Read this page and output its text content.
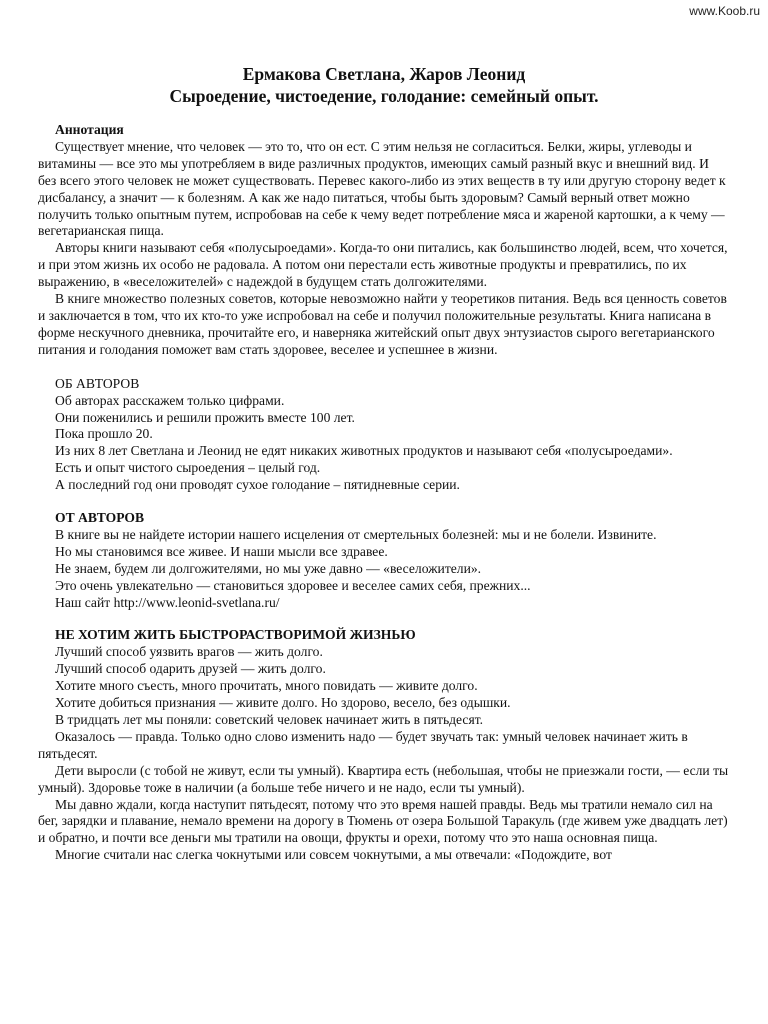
www.Koob.ru
Ермакова Светлана, Жаров Леонид
Сыроедение, чистоедение, голодание: семейный опыт.

Аннотация

Существует мнение, что человек — это то, что он ест. С этим нельзя не согласиться. Белки, жиры, углеводы и витамины — все это мы употребляем в виде различных продуктов, имеющих самый разный вкус и внешний вид. И без всего этого человек не может существовать. Перевес какого-либо из этих веществ в ту или другую сторону ведет к дисбалансу, а значит — к болезням. А как же надо питаться, чтобы быть здоровым? Самый верный ответ можно получить только опытным путем, испробовав на себе к чему ведет потребление мяса и жареной картошки, а к чему — вегетарианская пища.

Авторы книги называют себя «полусыроедами». Когда-то они питались, как большинство людей, всем, что хочется, и при этом жизнь их особо не радовала. А потом они перестали есть животные продукты и превратились, по их выражению, в «веселожителей» с надеждой в будущем стать долгожителями.

В книге множество полезных советов, которые невозможно найти у теоретиков питания. Ведь вся ценность советов и заключается в том, что их кто-то уже испробовал на себе и получил положительные результаты. Книга написана в форме нескучного дневника, прочитайте его, и наверняка житейский опыт двух энтузиастов сырого вегетарианского питания и голодания поможет вам стать здоровее, веселее и успешнее в жизни.

ОБ АВТОРОВ

Об авторах расскажем только цифрами.

Они поженились и решили прожить вместе 100 лет.

Пока прошло 20.

Из них 8 лет Светлана и Леонид не едят никаких животных продуктов и называют себя «полусыроедами».

Есть и опыт чистого сыроедения – целый год.

А последний год они проводят сухое голодание – пятидневные серии.

ОТ АВТОРОВ

В книге вы не найдете истории нашего исцеления от смертельных болезней: мы и не болели. Извините.

Но мы становимся все живее. И наши мысли все здравее.

Не знаем, будем ли долгожителями, но мы уже давно — «веселожители».

Это очень увлекательно — становиться здоровее и веселее самих себя, прежних...

Наш сайт http://www.leonid-svetlana.ru/

НЕ ХОТИМ ЖИТЬ БЫСТРОРАСТВОРИМОЙ ЖИЗНЬЮ

Лучший способ уязвить врагов — жить долго.

Лучший способ одарить друзей — жить долго.

Хотите много съесть, много прочитать, много повидать — живите долго.

Хотите добиться признания — живите долго. Но здорово, весело, без одышки.

В тридцать лет мы поняли: советский человек начинает жить в пятьдесят.

Оказалось — правда. Только одно слово изменить надо — будет звучать так: умный человек начинает жить в пятьдесят.

Дети выросли (с тобой не живут, если ты умный). Квартира есть (небольшая, чтобы не приезжали гости, — если ты умный). Здоровье тоже в наличии (а больше тебе ничего и не надо, если ты умный).

Мы давно ждали, когда наступит пятьдесят, потому что это время нашей правды. Ведь мы тратили немало сил на бег, зарядки и плавание, немало времени на дорогу в Тюмень от озера Большой Таракуль (где живем уже двадцать лет) и обратно, и почти все деньги мы тратили на овощи, фрукты и орехи, потому что это наша основная пища.

Многие считали нас слегка чокнутыми или совсем чокнутыми, а мы отвечали: «Подождите, вот
